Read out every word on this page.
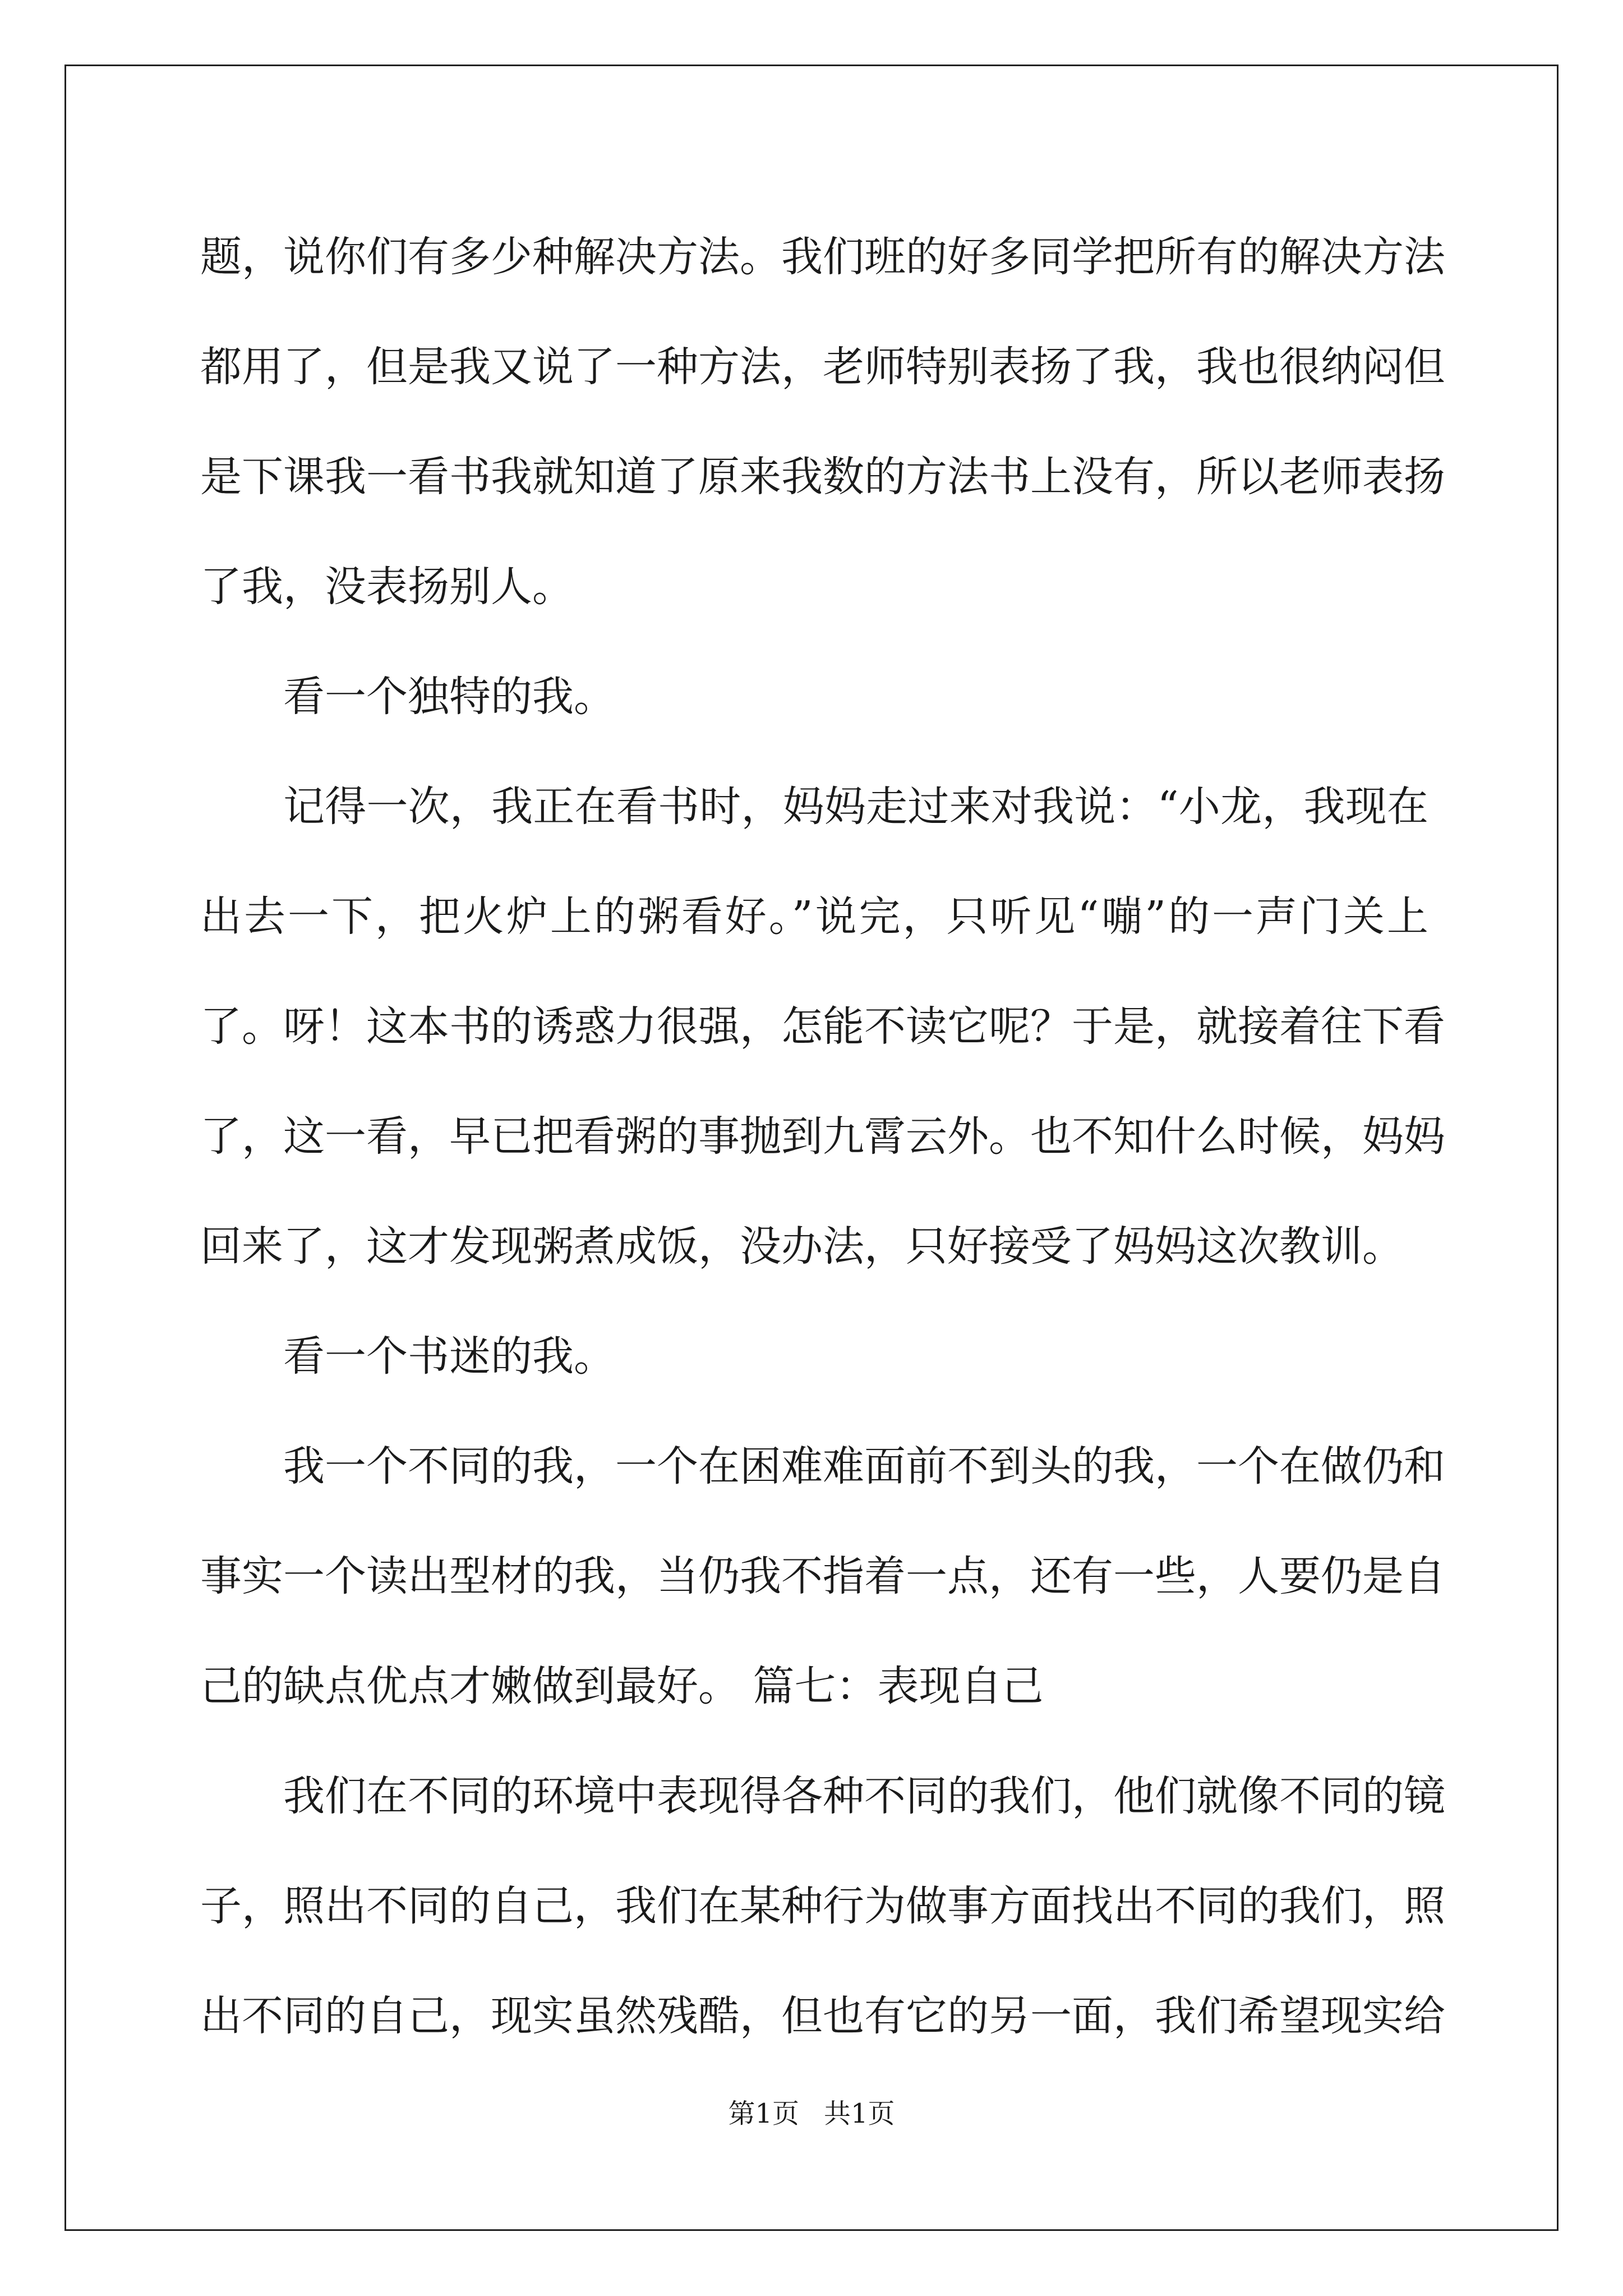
题，说你们有多少种解决方法。我们班的好多同学把所有的解决方法
都用了，但是我又说了一种方法，老师特别表扬了我，我也很纳闷但
是下课我一看书我就知道了原来我数的方法书上没有，所以老师表扬
了我，没表扬别人。
看一个独特的我。
记得一次，我正在看书时，妈妈走过来对我说：“小龙，我现在
出去一下，把火炉上的粥看好。”说完，只听见“嘣”的一声门关上
了。呀！这本书的诱惑力很强，怎能不读它呢？于是，就接着往下看
了，这一看，早已把看粥的事抛到九霄云外。也不知什么时候，妈妈
回来了，这才发现粥煮成饭，没办法，只好接受了妈妈这次教训。
看一个书迷的我。
我一个不同的我，一个在困难难面前不到头的我，一个在做仍和
事实一个读出型材的我，当仍我不指着一点，还有一些，人要仍是自
己的缺点优点才嫩做到最好。 篇七：表现自己
我们在不同的环境中表现得各种不同的我们，他们就像不同的镜
子，照出不同的自己，我们在某种行为做事方面找出不同的我们，照
出不同的自己，现实虽然残酷，但也有它的另一面，我们希望现实给
第1页 共1页
